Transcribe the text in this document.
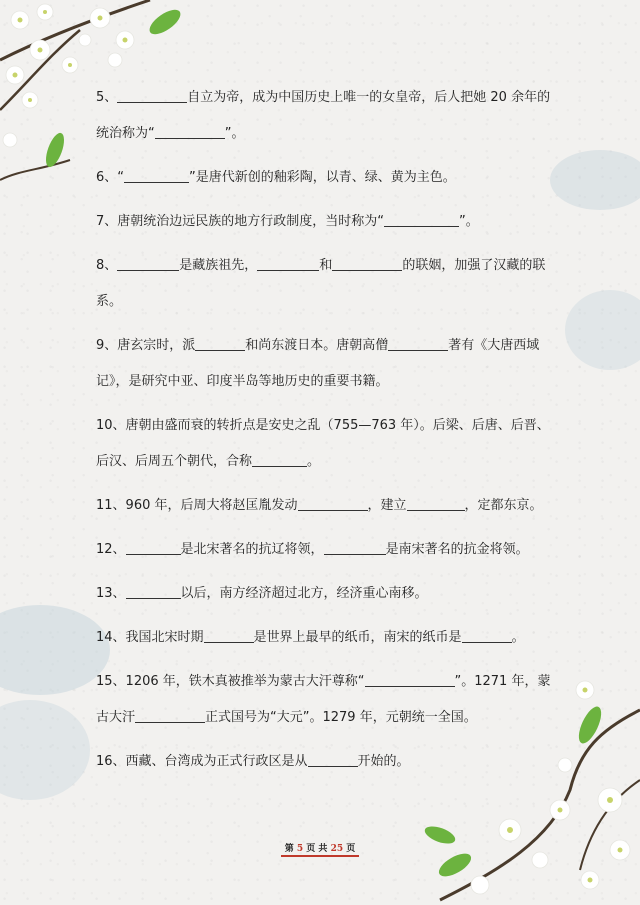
5、	自立为帝，成为中国历史上唯一的女皇帝，后人把她 20 余年的统治称为“	”。
6、“	”是唐代新创的釉彩陶，以青、绿、黄为主色。
7、唐朝统治边远民族的地方行政制度，当时称为“	”。
8、	是藏族祖先，	和	的联姻，加强了汉藏的联系。
9、唐玄宗时，派	和尚东渡日本。唐朝高僧	著有《大唐西域记》，是研究中亚、印度半岛等地历史的重要书籍。
10、唐朝由盛而衰的转折点是安史之乱（755—763 年）。后梁、后唐、后晋、后汉、后周五个朝代，合称	。
11、960 年，后周大将赵匡胤发动	，建立	，定都东京。
12、	是北宋著名的抗辽将领，	是南宋著名的抗金将领。
13、	以后，南方经济超过北方，经济重心南移。
14、我国北宋时期	是世界上最早的纸币，南宋的纸币是	。
15、1206 年，铁木真被推举为蒙古大汗尊称“	”。1271 年，蒙古大汗	正式国号为“大元”。1279 年，元朝统一全国。
16、西藏、台湾成为正式行政区是从	开始的。
第 5 页 共 25 页
